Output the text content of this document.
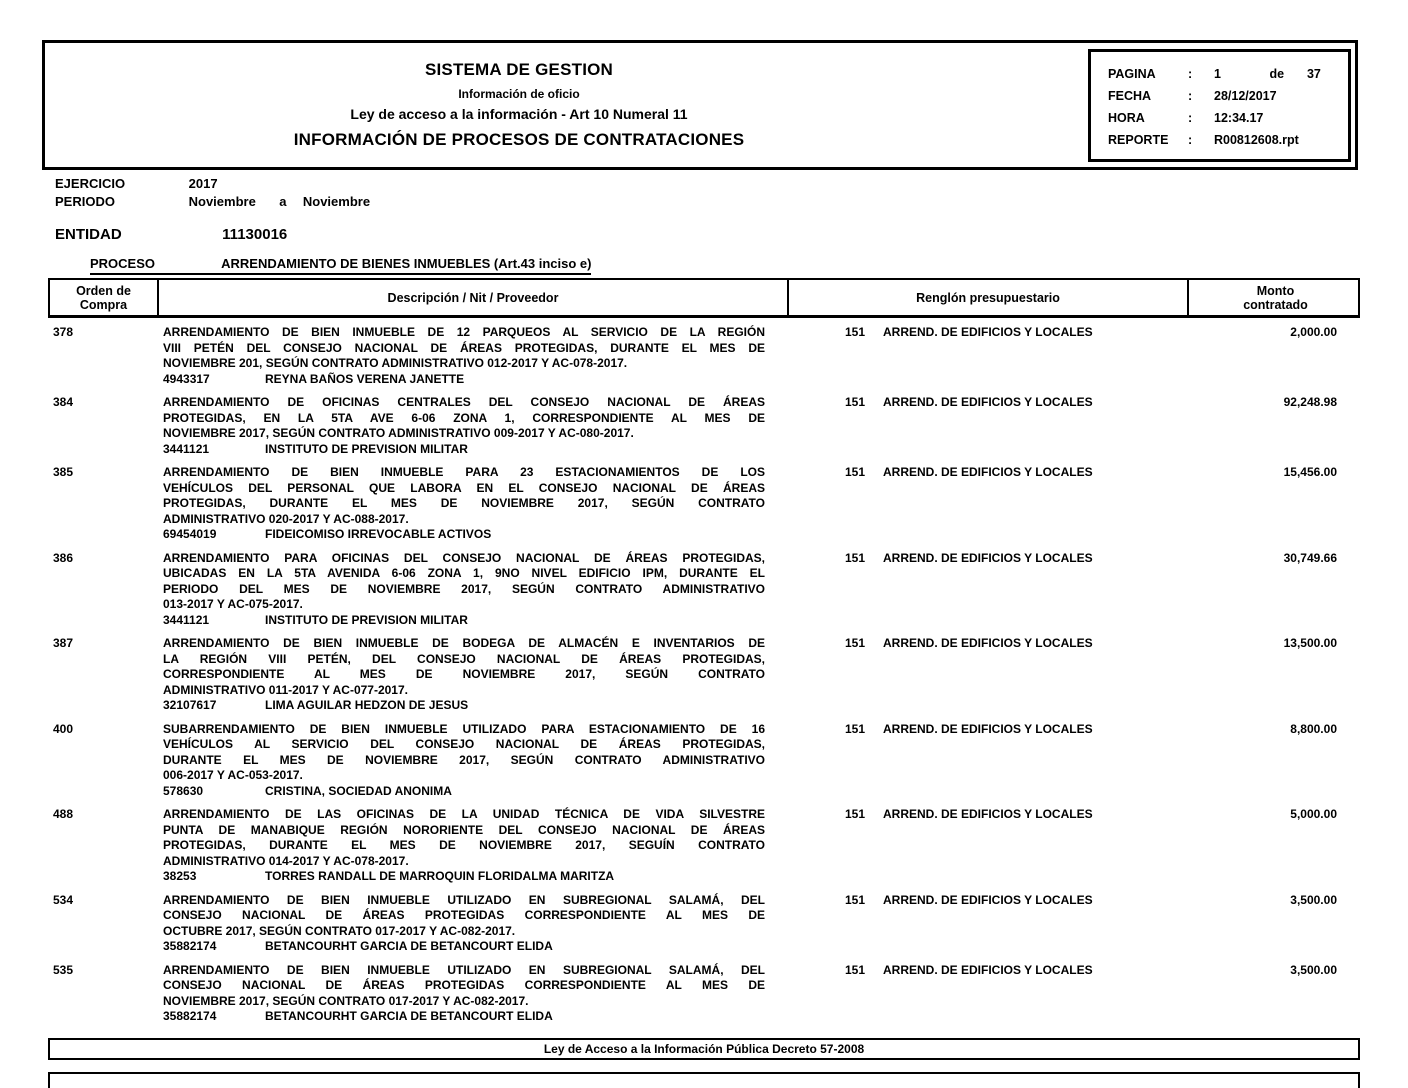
SISTEMA DE GESTION
Información de oficio
Ley de acceso a la información - Art 10 Numeral 11
INFORMACIÓN DE PROCESOS DE CONTRATACIONES
PAGINA	:	1	de 37
FECHA	:	28/12/2017
HORA	:	12:34.17
REPORTE	:	R00812608.rpt
EJERCICIO	2017
PERIODO	Noviembre a Noviembre
ENTIDAD	11130016
PROCESO	ARRENDAMIENTO DE BIENES INMUEBLES (Art.43 inciso e)
Orden de
Compra	Descripción / Nit / Proveedor	Renglón presupuestario	Monto
contratado
378	ARRENDAMIENTO DE BIEN INMUEBLE DE 12 PARQUEOS AL SERVICIO DE LA REGIÓN
VIII PETÉN DEL CONSEJO NACIONAL DE ÁREAS PROTEGIDAS, DURANTE EL MES DE
NOVIEMBRE 201, SEGÚN CONTRATO ADMINISTRATIVO 012-2017 Y AC-078-2017.
4943317	REYNA BAÑOS VERENA JANETTE
151	ARREND. DE EDIFICIOS Y LOCALES	2,000.00
384	ARRENDAMIENTO DE OFICINAS CENTRALES DEL CONSEJO NACIONAL DE ÁREAS
PROTEGIDAS, EN LA 5TA AVE 6-06 ZONA 1, CORRESPONDIENTE AL MES DE
NOVIEMBRE 2017, SEGÚN CONTRATO ADMINISTRATIVO 009-2017 Y AC-080-2017.
3441121	INSTITUTO DE PREVISION MILITAR
151	ARREND. DE EDIFICIOS Y LOCALES	92,248.98
385	ARRENDAMIENTO DE BIEN INMUEBLE PARA 23 ESTACIONAMIENTOS DE LOS
VEHÍCULOS DEL PERSONAL QUE LABORA EN EL CONSEJO NACIONAL DE ÁREAS
PROTEGIDAS, DURANTE EL MES DE NOVIEMBRE 2017, SEGÚN CONTRATO
ADMINISTRATIVO 020-2017 Y AC-088-2017.
69454019	FIDEICOMISO IRREVOCABLE ACTIVOS
151	ARREND. DE EDIFICIOS Y LOCALES	15,456.00
386	ARRENDAMIENTO PARA OFICINAS DEL CONSEJO NACIONAL DE ÁREAS PROTEGIDAS,
UBICADAS EN LA 5TA AVENIDA 6-06 ZONA 1, 9NO NIVEL EDIFICIO IPM, DURANTE EL
PERIODO DEL MES DE NOVIEMBRE 2017, SEGÚN CONTRATO ADMINISTRATIVO
013-2017 Y AC-075-2017.
3441121	INSTITUTO DE PREVISION MILITAR
151	ARREND. DE EDIFICIOS Y LOCALES	30,749.66
387	ARRENDAMIENTO DE BIEN INMUEBLE DE BODEGA DE ALMACÉN E INVENTARIOS DE
LA REGIÓN VIII PETÉN, DEL CONSEJO NACIONAL DE ÁREAS PROTEGIDAS,
CORRESPONDIENTE AL MES DE NOVIEMBRE 2017, SEGÚN CONTRATO
ADMINISTRATIVO 011-2017 Y AC-077-2017.
32107617	LIMA AGUILAR HEDZON DE JESUS
151	ARREND. DE EDIFICIOS Y LOCALES	13,500.00
400	SUBARRENDAMIENTO DE BIEN INMUEBLE UTILIZADO PARA ESTACIONAMIENTO DE 16
VEHÍCULOS AL SERVICIO DEL CONSEJO NACIONAL DE ÁREAS PROTEGIDAS,
DURANTE EL MES DE NOVIEMBRE 2017, SEGÚN CONTRATO ADMINISTRATIVO
006-2017 Y AC-053-2017.
578630	CRISTINA, SOCIEDAD ANONIMA
151	ARREND. DE EDIFICIOS Y LOCALES	8,800.00
488	ARRENDAMIENTO DE LAS OFICINAS DE LA UNIDAD TÉCNICA DE VIDA SILVESTRE
PUNTA DE MANABIQUE REGIÓN NORORIENTE DEL CONSEJO NACIONAL DE ÁREAS
PROTEGIDAS, DURANTE EL MES DE NOVIEMBRE 2017, SEGUÍN CONTRATO
ADMINISTRATIVO 014-2017 Y AC-078-2017.
38253	TORRES RANDALL DE MARROQUIN FLORIDALMA MARITZA
151	ARREND. DE EDIFICIOS Y LOCALES	5,000.00
534	ARRENDAMIENTO DE BIEN INMUEBLE UTILIZADO EN SUBREGIONAL SALAMÁ, DEL
CONSEJO NACIONAL DE ÁREAS PROTEGIDAS CORRESPONDIENTE AL MES DE
OCTUBRE 2017, SEGÚN CONTRATO 017-2017 Y AC-082-2017.
35882174	BETANCOURHT GARCIA DE BETANCOURT ELIDA
151	ARREND. DE EDIFICIOS Y LOCALES	3,500.00
535	ARRENDAMIENTO DE BIEN INMUEBLE UTILIZADO EN SUBREGIONAL SALAMÁ, DEL
CONSEJO NACIONAL DE ÁREAS PROTEGIDAS CORRESPONDIENTE AL MES DE
NOVIEMBRE 2017, SEGÚN CONTRATO 017-2017 Y AC-082-2017.
35882174	BETANCOURHT GARCIA DE BETANCOURT ELIDA
151	ARREND. DE EDIFICIOS Y LOCALES	3,500.00
Ley de Acceso a la Información Pública Decreto 57-2008
